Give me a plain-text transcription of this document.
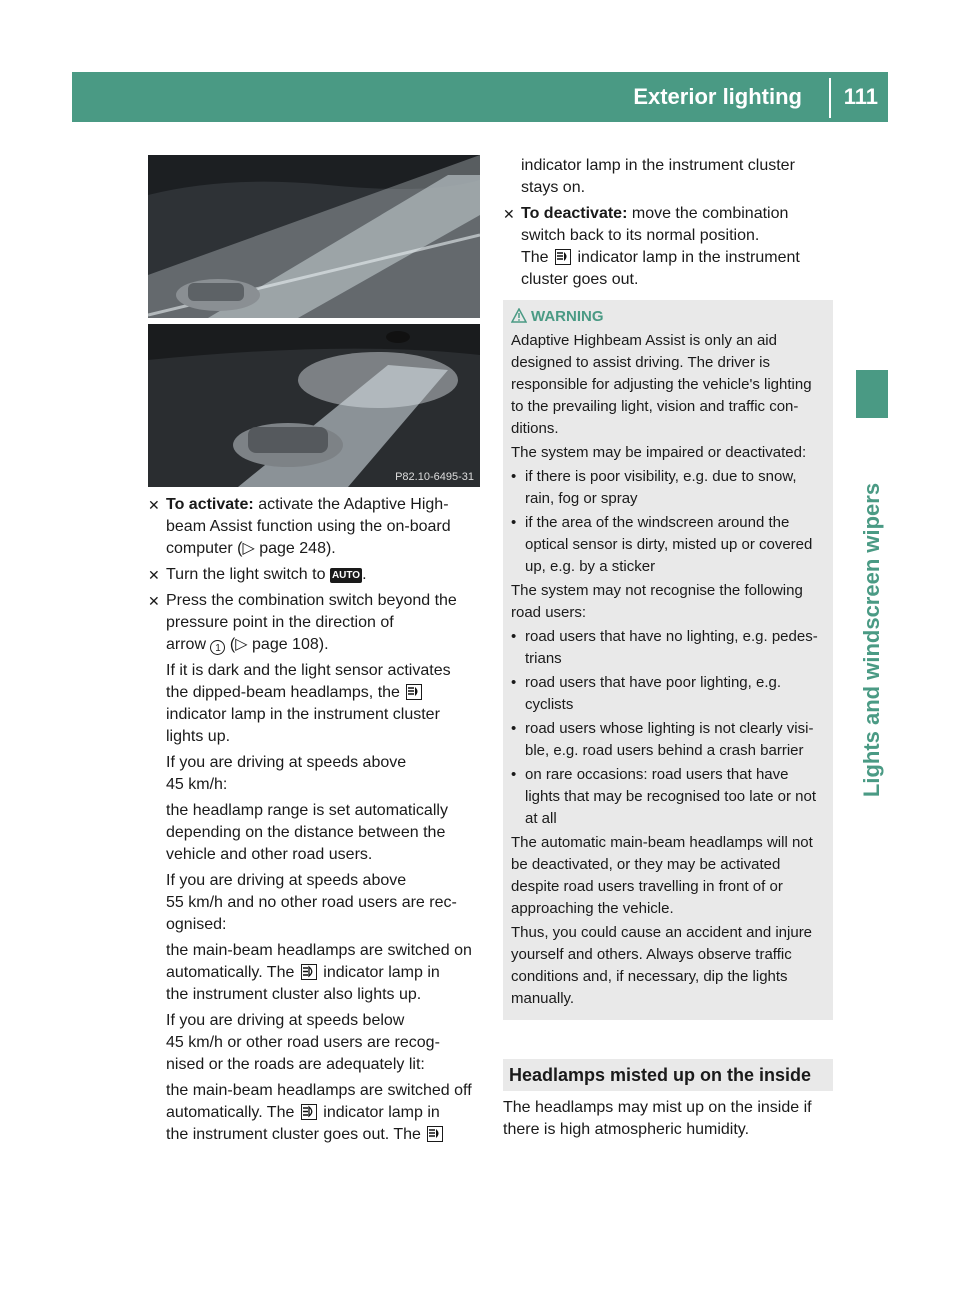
Exterior lighting	111
Lights and windscreen wipers
P82.10-6495-31
✕ To activate: activate the Adaptive High-
beam Assist function using the on-board
computer (▷ page 248).
✕ Turn the light switch to AUTO .
✕ Press the combination switch beyond the
pressure point in the direction of
arrow 1 (▷ page 108).

If it is dark and the light sensor activates
the dipped-beam headlamps, the

indicator lamp in the instrument cluster
lights up.

If you are driving at speeds above
45 km/h:

the headlamp range is set automatically
depending on the distance between the
vehicle and other road users.

If you are driving at speeds above
55 km/h and no other road users are rec-
ognised:

the main-beam headlamps are switched on
automatically. The indicator lamp in
the instrument cluster also lights up.

If you are driving at speeds below
45 km/h or other road users are recog-
nised or the roads are adequately lit:

the main-beam headlamps are switched off
automatically. The indicator lamp in
the instrument cluster goes out. The

indicator lamp in the instrument cluster
stays on.
✕ To deactivate: move the combination
switch back to its normal position.
The indicator lamp in the instrument
cluster goes out.
WARNING

Adaptive Highbeam Assist is only an aid designed to assist driving. The driver is responsible for adjusting the vehicle's lighting to the prevailing light, vision and traffic con-ditions.

The system may be impaired or deactivated:

• if there is poor visibility, e.g. due to snow, rain, fog or spray
• if the area of the windscreen around the optical sensor is dirty, misted up or covered up, e.g. by a sticker

The system may not recognise the following road users:

• road users that have no lighting, e.g. pedes-trians
• road users that have poor lighting, e.g. cyclists
• road users whose lighting is not clearly visi-ble, e.g. road users behind a crash barrier
• on rare occasions: road users that have lights that may be recognised too late or not at all

The automatic main-beam headlamps will not be deactivated, or they may be activated despite road users travelling in front of or approaching the vehicle.

Thus, you could cause an accident and injure yourself and others. Always observe traffic conditions and, if necessary, dip the lights manually.

Headlamps misted up on the inside
The headlamps may mist up on the inside if there is high atmospheric humidity.
